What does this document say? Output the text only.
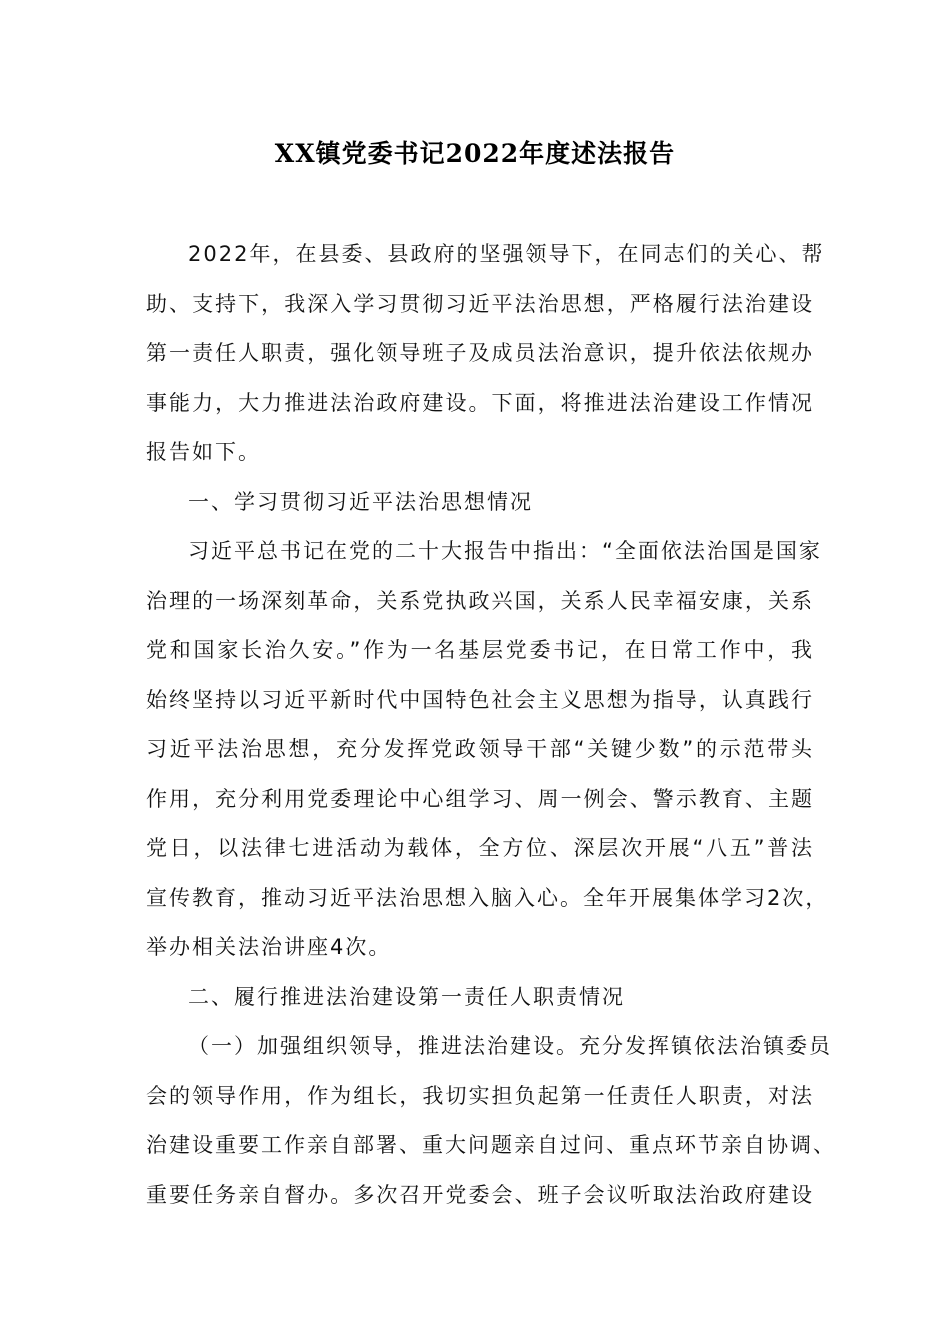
XX镇党委书记2022年度述法报告
2022年，在县委、县政府的坚强领导下，在同志们的关心、帮
助、支持下，我深入学习贯彻习近平法治思想，严格履行法治建设
第一责任人职责，强化领导班子及成员法治意识，提升依法依规办
事能力，大力推进法治政府建设。下面，将推进法治建设工作情况
报告如下。
一、学习贯彻习近平法治思想情况
习近平总书记在党的二十大报告中指出：“全面依法治国是国家
治理的一场深刻革命，关系党执政兴国，关系人民幸福安康，关系
党和国家长治久安。”作为一名基层党委书记，在日常工作中，我
始终坚持以习近平新时代中国特色社会主义思想为指导，认真践行
习近平法治思想，充分发挥党政领导干部“关键少数”的示范带头
作用，充分利用党委理论中心组学习、周一例会、警示教育、主题
党日，以法律七进活动为载体，全方位、深层次开展“八五”普法
宣传教育，推动习近平法治思想入脑入心。全年开展集体学习2次，
举办相关法治讲座4次。
二、履行推进法治建设第一责任人职责情况
（一）加强组织领导，推进法治建设。充分发挥镇依法治镇委员
会的领导作用，作为组长，我切实担负起第一任责任人职责，对法
治建设重要工作亲自部署、重大问题亲自过问、重点环节亲自协调、
重要任务亲自督办。多次召开党委会、班子会议听取法治政府建设
